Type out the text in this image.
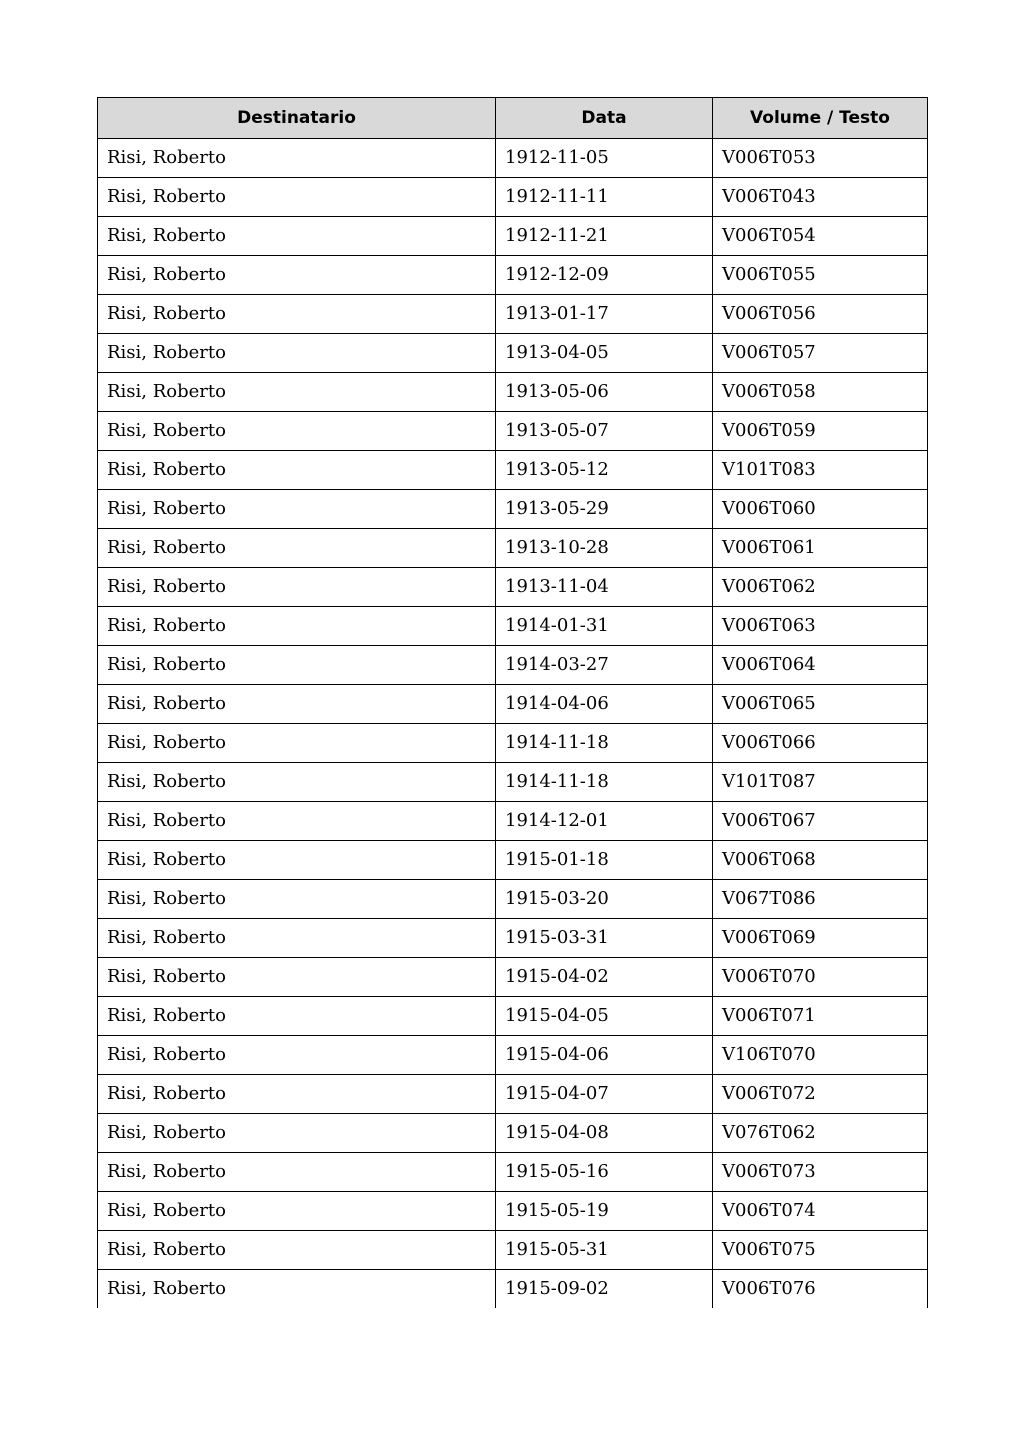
Destinatario	Data	Volume / Testo
Risi, Roberto	1912-11-05	V006T053
Risi, Roberto	1912-11-11	V006T043
Risi, Roberto	1912-11-21	V006T054
Risi, Roberto	1912-12-09	V006T055
Risi, Roberto	1913-01-17	V006T056
Risi, Roberto	1913-04-05	V006T057
Risi, Roberto	1913-05-06	V006T058
Risi, Roberto	1913-05-07	V006T059
Risi, Roberto	1913-05-12	V101T083
Risi, Roberto	1913-05-29	V006T060
Risi, Roberto	1913-10-28	V006T061
Risi, Roberto	1913-11-04	V006T062
Risi, Roberto	1914-01-31	V006T063
Risi, Roberto	1914-03-27	V006T064
Risi, Roberto	1914-04-06	V006T065
Risi, Roberto	1914-11-18	V006T066
Risi, Roberto	1914-11-18	V101T087
Risi, Roberto	1914-12-01	V006T067
Risi, Roberto	1915-01-18	V006T068
Risi, Roberto	1915-03-20	V067T086
Risi, Roberto	1915-03-31	V006T069
Risi, Roberto	1915-04-02	V006T070
Risi, Roberto	1915-04-05	V006T071
Risi, Roberto	1915-04-06	V106T070
Risi, Roberto	1915-04-07	V006T072
Risi, Roberto	1915-04-08	V076T062
Risi, Roberto	1915-05-16	V006T073
Risi, Roberto	1915-05-19	V006T074
Risi, Roberto	1915-05-31	V006T075
Risi, Roberto	1915-09-02	V006T076
